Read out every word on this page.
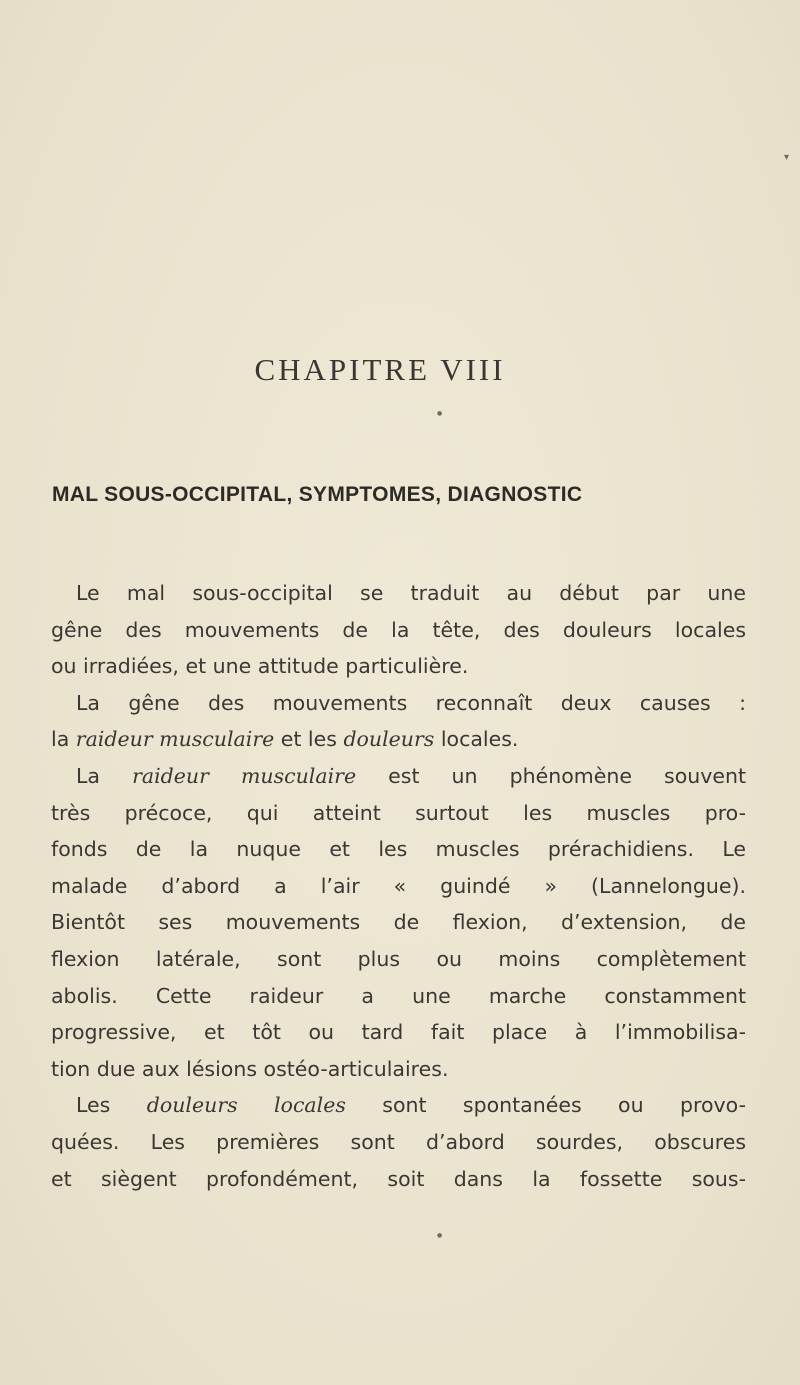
▾
●
●
CHAPITRE VIII
MAL SOUS-OCCIPITAL, SYMPTOMES, DIAGNOSTIC
Le mal sous-occipital se traduit au début par une
gêne des mouvements de la tête, des douleurs locales
ou irradiées, et une attitude particulière.
La gêne des mouvements reconnaît deux causes :
la raideur musculaire et les douleurs locales.
La raideur musculaire est un phénomène souvent
très précoce, qui atteint surtout les muscles pro-
fonds de la nuque et les muscles prérachidiens. Le
malade d’abord a l’air « guindé » (Lannelongue).
Bientôt ses mouvements de flexion, d’extension, de
flexion latérale, sont plus ou moins complètement
abolis. Cette raideur a une marche constamment
progressive, et tôt ou tard fait place à l’immobilisa-
tion due aux lésions ostéo-articulaires.
Les douleurs locales sont spontanées ou provo-
quées. Les premières sont d’abord sourdes, obscures
et siègent profondément, soit dans la fossette sous-
